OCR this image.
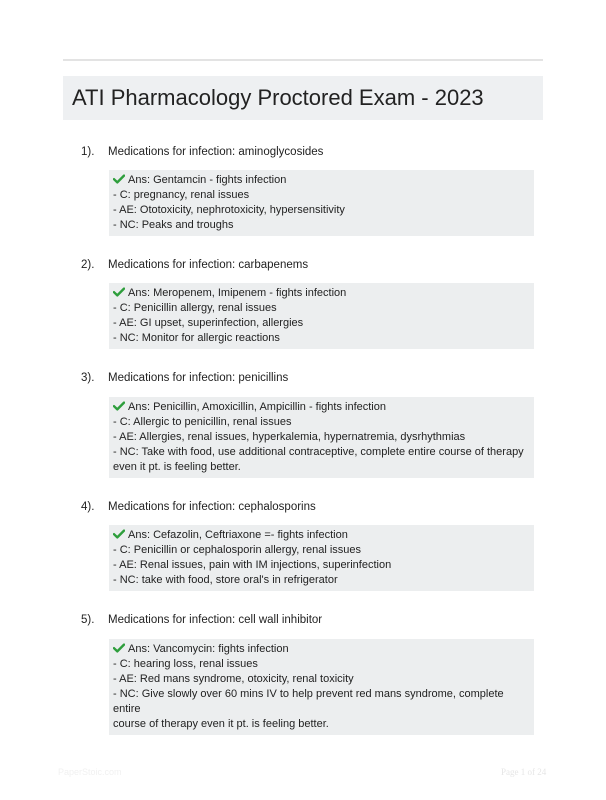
ATI Pharmacology Proctored Exam - 2023
1). Medications for infection: aminoglycosides
Ans: Gentamcin - fights infection
- C: pregnancy, renal issues
- AE: Ototoxicity, nephrotoxicity, hypersensitivity
- NC: Peaks and troughs
2). Medications for infection: carbapenems
Ans: Meropenem, Imipenem - fights infection
- C: Penicillin allergy, renal issues
- AE: GI upset, superinfection, allergies
- NC: Monitor for allergic reactions
3). Medications for infection: penicillins
Ans: Penicillin, Amoxicillin, Ampicillin - fights infection
- C: Allergic to penicillin, renal issues
- AE: Allergies, renal issues, hyperkalemia, hypernatremia, dysrhythmias
- NC: Take with food, use additional contraceptive, complete entire course of therapy
even it pt. is feeling better.
4). Medications for infection: cephalosporins
Ans: Cefazolin, Ceftriaxone =- fights infection
- C: Penicillin or cephalosporin allergy, renal issues
- AE: Renal issues, pain with IM injections, superinfection
- NC: take with food, store oral's in refrigerator
5). Medications for infection: cell wall inhibitor
Ans: Vancomycin: fights infection
- C: hearing loss, renal issues
- AE: Red mans syndrome, otoxicity, renal toxicity
- NC: Give slowly over 60 mins IV to help prevent red mans syndrome, complete entire
course of therapy even it pt. is feeling better.
PaperStoic.com	Page 1 of 24
